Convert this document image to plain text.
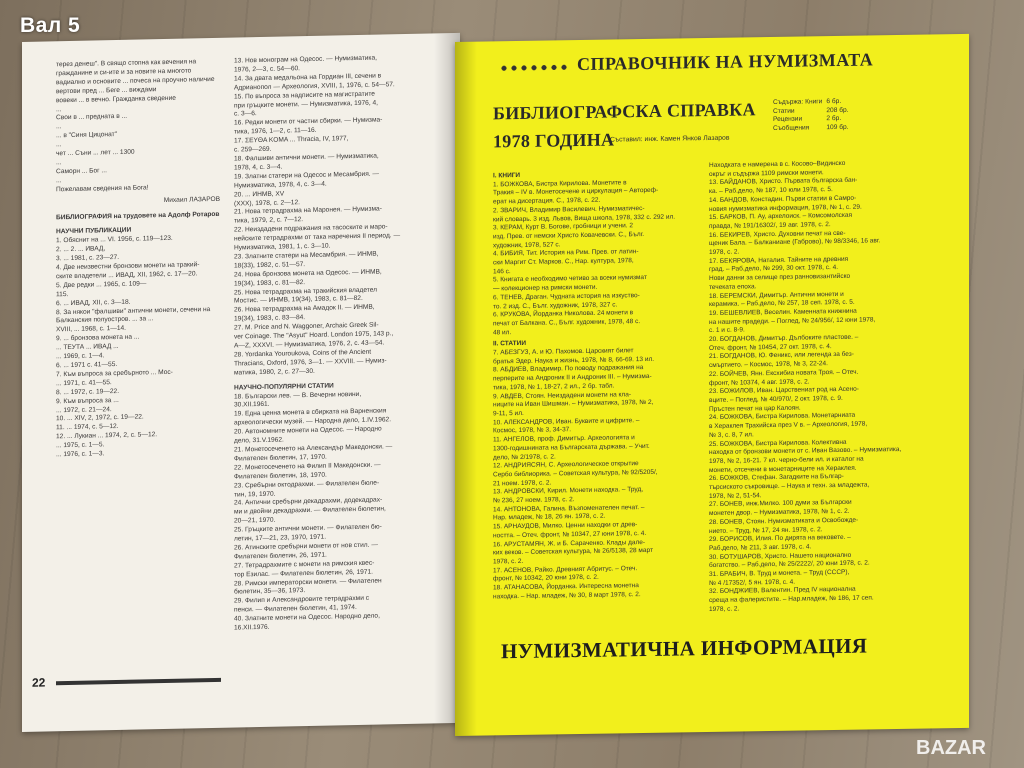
терез денеш". В свящо стопна как вечения на

гражданине и си-ите и за новите на многото

вадиално и основите ... почеса на проучно наличие

вертови пред ... Беге ... виждами

вовеки ... в вечно. Гражданка сведение

...

Свои в ... предната в ...

...

... в "Синя Цицонат"

...

чет ... Съни ... лет ... 1300

...

Саморн ... Бог ...

...

Пожелавам сведения на Бога!

Михаил ЛАЗАРОВ

БИБЛИОГРАФИЯ на трудовете на Адолф Ротаров

НАУЧНИ ПУБЛИКАЦИИ

1. Обяснит на ... VI. 1956, с. 119—123.

2. ... 2. ... ИВАД,

3. ... 1981, с. 23—27.

4. Две неизвестни бронзови монети на тракий-

ските владетели ... ИВАД, XII, 1962, с. 17—20.

5. Две редки ... 1965, с. 109—

115.

6. ... ИВАД, XII, с. 3—18.

8. За някои "фалшиви" антични монети, сечени на

Балканския полуостров. ... за ...

ХVIII, ... 1968, с. 1—14.

9. ... бронзова монета на ...

... ТЕУТА ... ИВАД ...

... 1969, с. 1—4.

6. ... 1971 с. 41—55.

7. Към въпроса за сребърното ... Мос-

... 1971, с. 41—55.

8. ... 1972, с. 19—22.

9. Към въпроса за ...

... 1972, с. 21—24.

10. ... XIV, 2, 1972, с. 19—22.

11. ... 1974, с. 5—12.

12. ... Лукиан ... 1974, 2, с. 5—12.

... 1975, с. 1—5.

... 1976, с. 1—3.

13. Нов монограм на Одесос. — Нумизматика,

1976, 2—3, с. 54—60.

14. За двата медальона на Гордиан III, сечени в

Адрианопол — Археология, XVIII, 1, 1976, с. 54—57.

15. По въпроса за надписите на магистратите

при гръцките монети. — Нумизматика, 1976, 4,

с. 3—6.

16. Редки монети от частни сбирки. — Нумизма-

тика, 1976, 1—2, с. 11—16.

17. ΣEYΘA KOMA ... Thracia, IV, 1977,

с. 259—269.

18. Фалшиви антични монети. — Нумизматика,

1978, 4, с. 3—4.

19. Златни статери на Одесос и Месамбрия. —

Нумизматика, 1978, 4, с. 3—4.

20. ... ИНМВ, XV

(XXX), 1978, с. 2—12.

21. Нова тетрадрахма на Маронея. — Нумизма-

тика, 1979, 2, с. 7—12.

22. Неиздадени подражания на тасоските и маро-

нейските тетрадрахми от така наречения II период. —

Нумизматика, 1981, 1, с. 3—10.

23. Златните статери на Месамбрия. — ИНМВ,

18(33), 1982, с. 51—57.

24. Нова бронзова монета на Одесос. — ИНМВ,

19(34), 1983, с. 81—82.

25. Нова тетрадрахма на тракийския владетел

Мостис. — ИНМВ, 19(34), 1983, с. 81—82.

26. Нова тетрадрахма на Амадок II. — ИНМВ,

19(34), 1983, с. 83—84.

27. M. Price and N. Waggoner, Archaic Greek Sil-

ver Coinage. The "Asyut" Hoard. London 1975, 143 p.,

A—Z, XXXVI. — Нумизматика, 1976, 2, с. 43—54.

28. Yordanka Youroukova, Coins of the Ancient

Thracians, Oxford, 1976, 3—1. — XXVIII. — Нумиз-

матика, 1980, 2, с. 27—30.

НАУЧНО-ПОПУЛЯРНИ СТАТИИ

18. Български лев. — В. Вечерни новини,

30.XII.1961.

19. Една ценна монета в сбирката на Варненския

археологически музей. — Народна дело, 1.IV.1962.

20. Автономните монети на Одесос. — Народно

дело, 31.V.1962.

21. Монетосеченето на Александър Македонски. —

Филателен бюлетин, 17, 1970.

22. Монетосеченето на Филип II Македонски. —

Филателен бюлетин, 18, 1970.

23. Сребърни октодрахми. — Филателен бюле-

тин, 19, 1970.

24. Антични сребърни декадрахми, додекадрах-

ми и двойни декадрахми. — Филателен бюлетин,

20—21, 1970.

25. Гръцките антични монети. — Филателен бю-

летин, 17—21, 23, 1970, 1971.

26. Атинските сребърни монети от нов стил. —

Филателен бюлетин, 26, 1971.

27. Тетрадрахмите с монети на римския квес-

тор Езилас. — Филателен бюлетин, 26, 1971.

28. Римски императорски монети. — Филателен

бюлетин, 35—36, 1973.

29. Филип и Александровите тетрадрахми с

пенси. — Филателен бюлетин, 41, 1974.

40. Златните монети на Одесос. Народно дело,

16.XII.1976.

22
СПРАВОЧНИК НА НУМИЗМАТА
БИБЛИОГРАФСКА СПРАВКА
1978 ГОДИНА
Съставил: инж. Камен Янков Лазаров
Съдържа: Книги	6 бр.
Статии	208 бр.
Рецензии	2 бр.
Съобщения	109 бр.

I. КНИГИ

1. БОЖКОВА, Бистра Кирилова. Монетите в

Тракия – IV в. Монетосечене и циркулация – Автореф-

ерат на дисертация. С., 1978, с. 22.

2. ЗВАРИЧ, Владимир Василевич. Нумизматичес-

кий словарь. 3 изд. Львов, Вища школа, 1978, 332 с. 292 ил.

3. КЕРАМ, Курт В. Богове, гробници и учени. 2

изд. Прев. от немски Христо Ковачевски. С., Бълг.

художник, 1978, 527 с.

4. БИБИЯ, Тит. История на Рим. Прев. от латин-

ски Маргит Ст. Марков. С., Нар. култура, 1978,

146 с.

5. Книгата е необходимо четиво за всеки нумизмат

— колекционер на римски монети.

6. ТЕНЕВ, Драган. Чудната история на изкуство-

то. 2 изд. С., Бълг. художник, 1978, 327 с.

6. КРУКОВА, Йорданка Николова. 24 монети в

печат от Балкана. С., Бълг. художник, 1978, 48 с.

48 ил.

II. СТАТИИ

7. АБЕЗГУЗ, А. и Ю. Пахомов. Царският билет

братья Эдер. Наука и жизнь, 1978, № 8, 66-69. 13 ил.

8. АБДИЕВ, Владимир. По поводу подражания на

перперите на Андроник II и Андроник III. – Нумизма-

тика, 1978, № 1, 18-27, 2 ил., 2 бр. табл.

9. АВДЕВ, Стоян. Неиздадени монети на кла-

ниците на Иван Шишман. – Нумизматика, 1978, № 2,

9-11, 5 ил.

10. АЛЕКСАНДРОВ, Иван. Буквите и цифрите. –

Космос, 1978, № 3, 34-37.

11. АНГЕЛОВ, проф. Димитър. Археологията и

1300-годишнината на Българската държава. – Учит.

дело, № 2/1978, с. 2.

12. АНДРИЯСЯН, С. Археологическое открытие

Сербо библиорика. – Советская культура, № 92/5205/,

21 ноем. 1978, с. 2.

13. АНДРОВСКИ, Кирил. Монети находка. – Труд,

№ 236, 27 ноем. 1978, с. 2.

14. АНТОНОВА, Галина. Възпоменателен печат. –

Нар. младеж, № 18, 26 ян. 1978, с. 2.

15. АРНАУДОВ, Милко. Ценни находки от древ-

ността. – Отеч. фронт, № 10347, 27 юни 1978, с. 4.

16. АРУСТАМЯН, Ж. и Б. Сараченко. Клады дале-

ких веков. – Советская культура, № 26/5138, 28 март

1978, с. 2.

17. АСЕНОВ, Райко. Древният Абритус. – Отеч.

фронт, № 10342, 20 юни 1978, с. 2.

18. АТАНАСОВА, Йорданка. Интересна монетна

находка. – Нар. младеж, № 30, 8 март 1978, с. 2.

Находката е намерена в с. Косово–Видинско

окръг и съдържа 1109 римски монети.

13. БАЙДАНОВ, Христо. Първата българска бан-

ка. – Раб.дело, № 187, 10 юли 1978, с. 5.

14. БАНДОВ, Констадин. Първи статии в Самро-

новия нумизматика информация, 1978, № 1, с. 29.

15. БАРКОВ, П. Ау, архелоиск. – Комсомолская

правда, № 191/16302/, 19 авг. 1978, с. 2.

16. БЕКИРЕВ, Христо. Духовни печат на све-

щеник Бала. – Балканиане (Габрово), № 98/3346, 16 авг.

1978, с. 2.

17. БЕКЯРОВА, Наталия. Тайните на древния

град. – Раб.дело, № 299, 30 окт. 1978, с. 4.

Нови данни за селище през ранновизантийско

течеката епоха.

18. БЕРЕМСКИ, Димитър. Антични монети и

керамика. – Раб.дело, № 257, 18 сеп. 1978, с. 5.

19. БЕШЕВЛИЕВ, Веселин. Каменната книжнина

на нашите прадеди. – Поглед, № 24/956/, 12 юни 1978,

с. 1 и с. 8-9.

20. БОГДАНОВ, Димитър. Дълбоките пластове. –

Отеч. фронт, № 10454, 27 окт. 1978, с. 4.

21. БОГДАНОВ, Ю. Феникс, или легенда за без-

смъртието. – Космос, 1978, № 3, 22-24.

22. БОЙЧЕВ, Янн. Ексхибиа новата Троя. – Отеч.

фронт, № 10374, 4 авг. 1978, с. 2.

23. БОЖИЛОВ, Иван. Царствениат род на Асено-

вците. – Поглед, № 40/970/, 2 окт. 1978, с. 9.

Пръстен печат на цар Калоян.

24. БОЖКОВА, Бистра Кирилова. Монетарниата

в Хераклея Трахийска през V в. – Археология, 1978,

№ 3, с. 8, 7 ил.

25. БОЖКОВА, Бистра Кирилова. Колективна

находка от бронзови монети от с. Иван Вазово. – Нумизматика,

1978, № 2, 16-21. 7 кл. черно-бели ил. и каталог на

монети, отсечени в монетарниците на Хераклея.

26. БОЖКОВ, Стефан. Загадките на Българ-

търсиското съкровище. – Наука и техн. за младежта,

1978, № 2, 51-54.

27. БОНЕВ, инж.Милко. 100 думи за Български

монетен двор. – Нумизматика, 1978, № 1, с. 2.

28. БОНЕВ, Стоян. Нумизматиката и Освобожде-

нието. – Труд, № 17, 24 ян. 1978, с. 2.

29. БОРИСОВ, Илия. По дирята на вековете. –

Раб.дело, № 211, 3 авг. 1978, с. 4.

30. БОТУШАРОВ, Христо. Нашето национално

богатство. – Раб.дело, № 25/2222/, 20 юни 1978, с. 2.

31. БРАБИЧ, В. Труд и монета. – Труд (СССР),

№ 4 /17352/, 5 ян. 1978, с. 4.

32. БОНДЖИЕВ, Валентин. Пред IV национална

среща на фалеристите. – Нар.младеж, № 186, 17 сеп.

1978, с. 2.

НУМИЗМАТИЧНА ИНФОРМАЦИЯ
Вал 5
BAZAR
